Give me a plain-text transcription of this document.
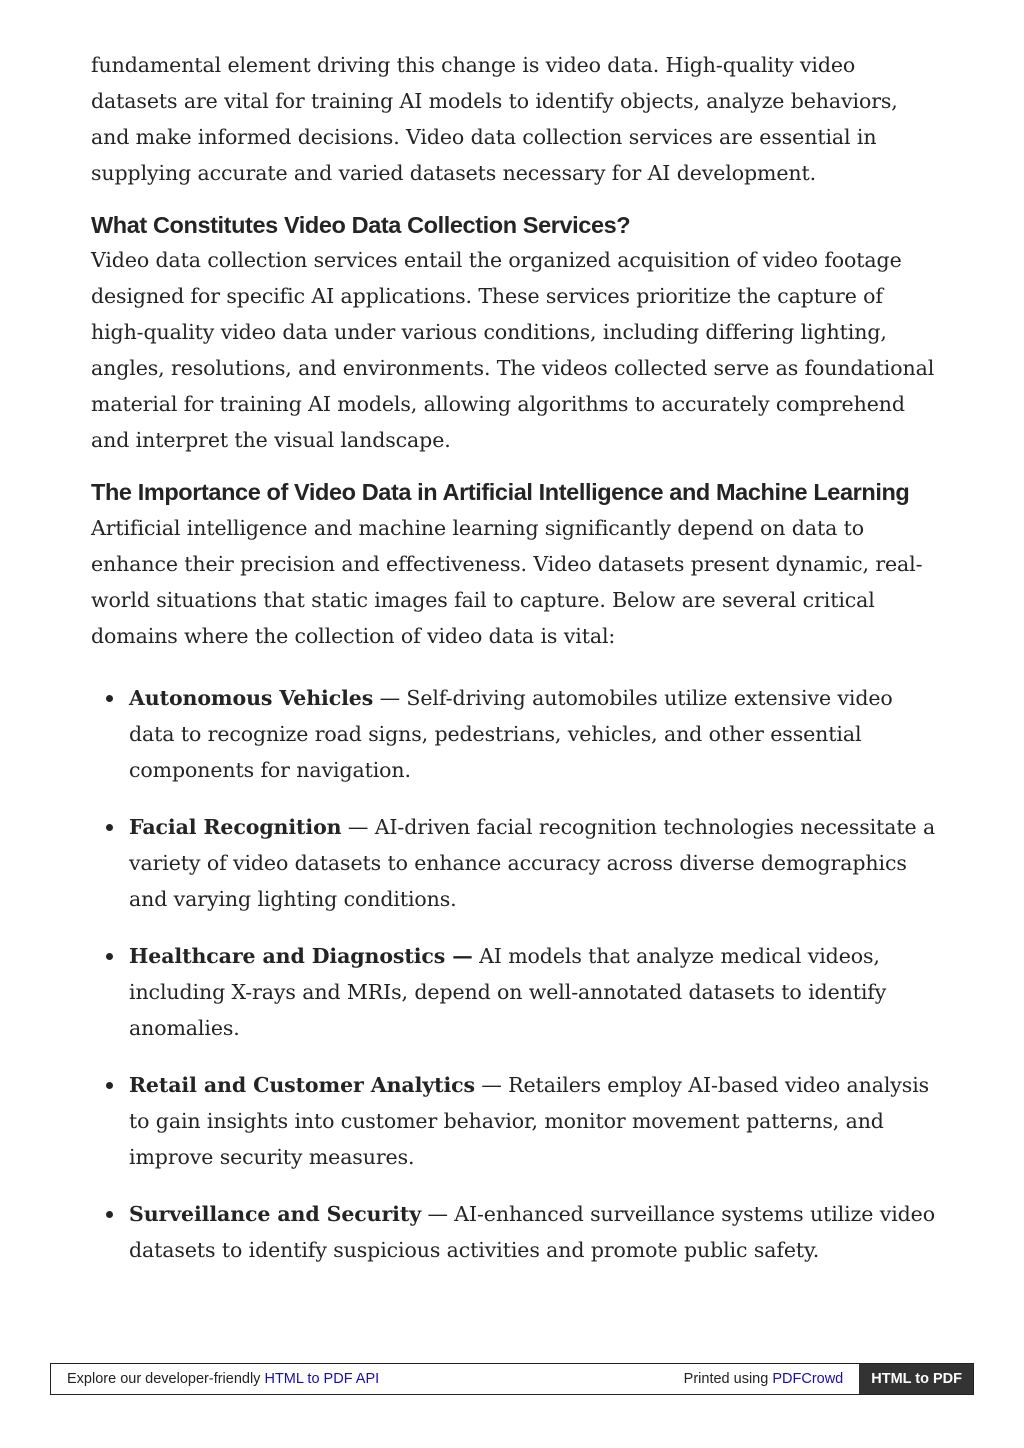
fundamental element driving this change is video data. High-quality video datasets are vital for training AI models to identify objects, analyze behaviors, and make informed decisions. Video data collection services are essential in supplying accurate and varied datasets necessary for AI development.

What Constitutes Video Data Collection Services?

Video data collection services entail the organized acquisition of video footage designed for specific AI applications. These services prioritize the capture of high-quality video data under various conditions, including differing lighting, angles, resolutions, and environments. The videos collected serve as foundational material for training AI models, allowing algorithms to accurately comprehend and interpret the visual landscape.

The Importance of Video Data in Artificial Intelligence and Machine Learning

Artificial intelligence and machine learning significantly depend on data to enhance their precision and effectiveness. Video datasets present dynamic, real-world situations that static images fail to capture. Below are several critical domains where the collection of video data is vital:

Autonomous Vehicles — Self-driving automobiles utilize extensive video data to recognize road signs, pedestrians, vehicles, and other essential components for navigation.
Facial Recognition — AI-driven facial recognition technologies necessitate a variety of video datasets to enhance accuracy across diverse demographics and varying lighting conditions.
Healthcare and Diagnostics — AI models that analyze medical videos, including X-rays and MRIs, depend on well-annotated datasets to identify anomalies.
Retail and Customer Analytics — Retailers employ AI-based video analysis to gain insights into customer behavior, monitor movement patterns, and improve security measures.
Surveillance and Security — AI-enhanced surveillance systems utilize video datasets to identify suspicious activities and promote public safety.
Explore our developer-friendly HTML to PDF API	Printed using PDFCrowd	HTML to PDF
